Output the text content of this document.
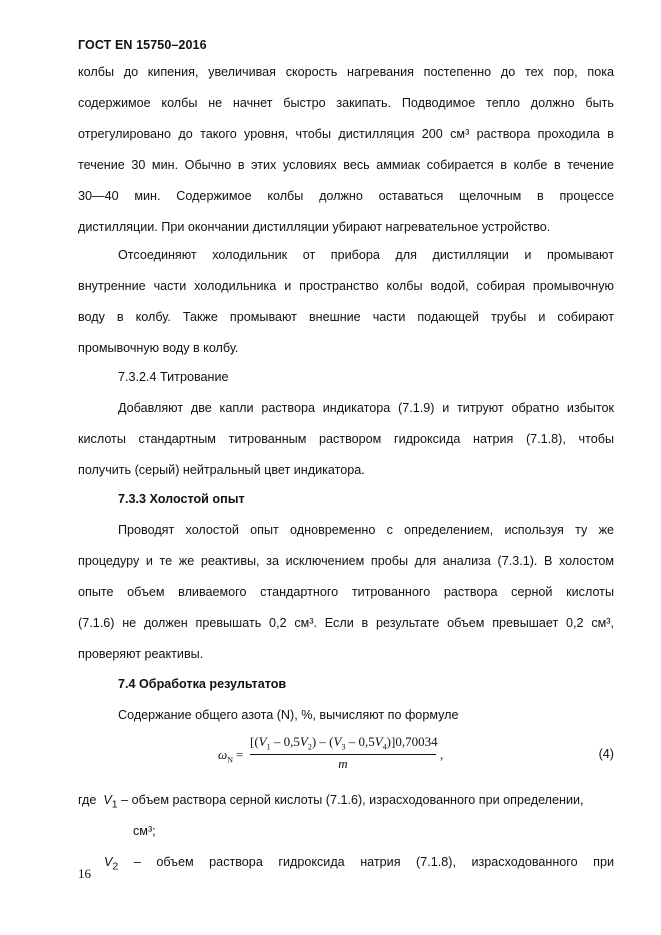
ГОСТ EN 15750–2016
колбы до кипения, увеличивая скорость нагревания постепенно до тех пор, пока
содержимое колбы не начнет быстро закипать. Подводимое тепло должно быть
отрегулировано до такого уровня, чтобы дистилляция 200 см³ раствора проходила в
течение 30 мин. Обычно в этих условиях весь аммиак собирается в колбе в течение
30—40 мин. Содержимое колбы должно оставаться щелочным в процессе
дистилляции. При окончании дистилляции убирают нагревательное устройство.
Отсоединяют холодильник от прибора для дистилляции и промывают
внутренние части холодильника и пространство колбы водой, собирая промывочную
воду в колбу. Также промывают внешние части подающей трубы и собирают
промывочную воду в колбу.
7.3.2.4 Титрование
Добавляют две капли раствора индикатора (7.1.9) и титруют обратно избыток
кислоты стандартным титрованным раствором гидроксида натрия (7.1.8), чтобы
получить (серый) нейтральный цвет индикатора.
7.3.3 Холостой опыт
Проводят холостой опыт одновременно с определением, используя ту же
процедуру и те же реактивы, за исключением пробы для анализа (7.3.1). В холостом
опыте объем вливаемого стандартного титрованного раствора серной кислоты
(7.1.6) не должен превышать 0,2 см³. Если в результате объем превышает 0,2 см³,
проверяют реактивы.
7.4 Обработка результатов
Содержание общего азота (N), %, вычисляют по формуле
$\omega_N = \frac{[(V_1 - 0,5V_2) - (V_3 - 0,5V_4)]0,70034}{m}$ ,	(4)
где $V_1$ – объем раствора серной кислоты (7.1.6), израсходованного при определении,
см³;
$V_2$ – объем раствора гидроксида натрия (7.1.8), израсходованного при
16
